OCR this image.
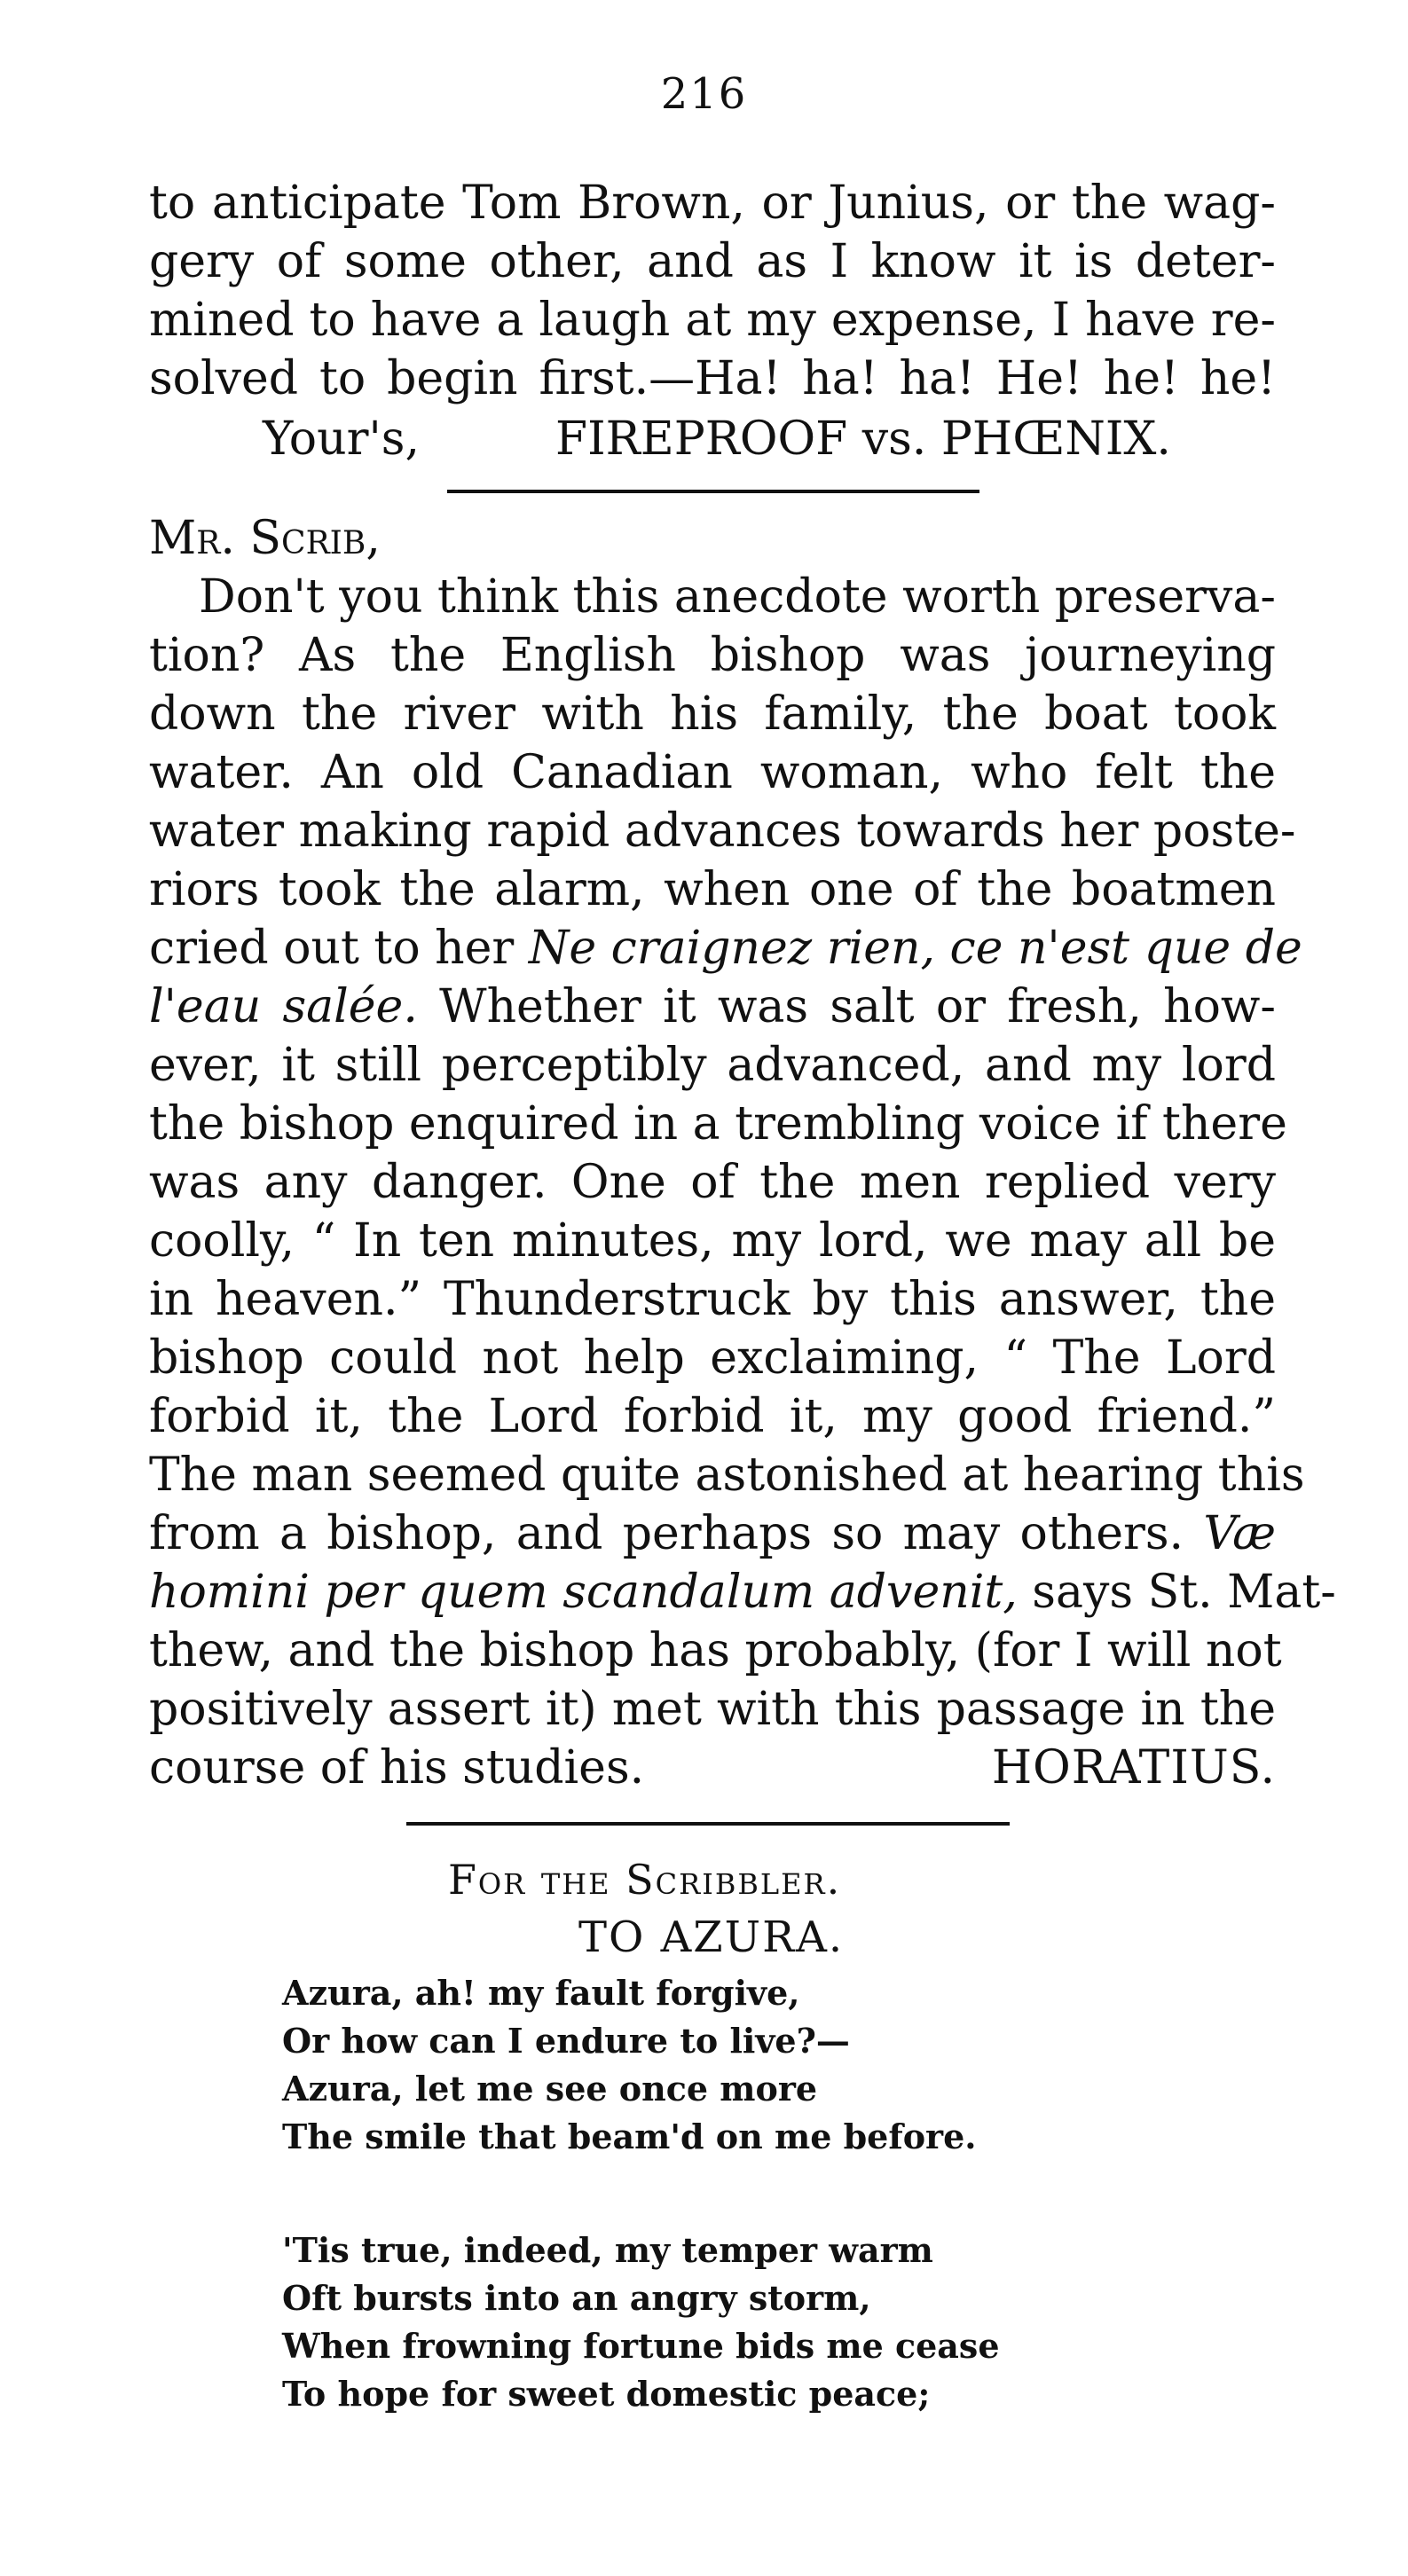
216
to anticipate Tom Brown, or Junius, or the wag-
gery of some other, and as I know it is deter-
mined to have a laugh at my expense, I have re-
solved to begin first.—Ha! ha! ha! He! he! he!
Your's,	FIREPROOF vs. PHŒNIX.
Mr. Scrib,
Don't you think this anecdote worth preserva-
tion? As the English bishop was journeying
down the river with his family, the boat took
water. An old Canadian woman, who felt the
water making rapid advances towards her poste-
riors took the alarm, when one of the boatmen
cried out to her Ne craignez rien, ce n'est que de
l'eau salée. Whether it was salt or fresh, how-
ever, it still perceptibly advanced, and my lord
the bishop enquired in a trembling voice if there
was any danger. One of the men replied very
coolly, “ In ten minutes, my lord, we may all be
in heaven.” Thunderstruck by this answer, the
bishop could not help exclaiming, “ The Lord
forbid it, the Lord forbid it, my good friend.”
The man seemed quite astonished at hearing this
from a bishop, and perhaps so may others. Væ
homini per quem scandalum advenit, says St. Mat-
thew, and the bishop has probably, (for I will not
positively assert it) met with this passage in the
course of his studies.	HORATIUS.
For the Scribbler.
TO AZURA.
Azura, ah! my fault forgive,
Or how can I endure to live?—
Azura, let me see once more
The smile that beam'd on me before.
'Tis true, indeed, my temper warm
Oft bursts into an angry storm,
When frowning fortune bids me cease
To hope for sweet domestic peace;
